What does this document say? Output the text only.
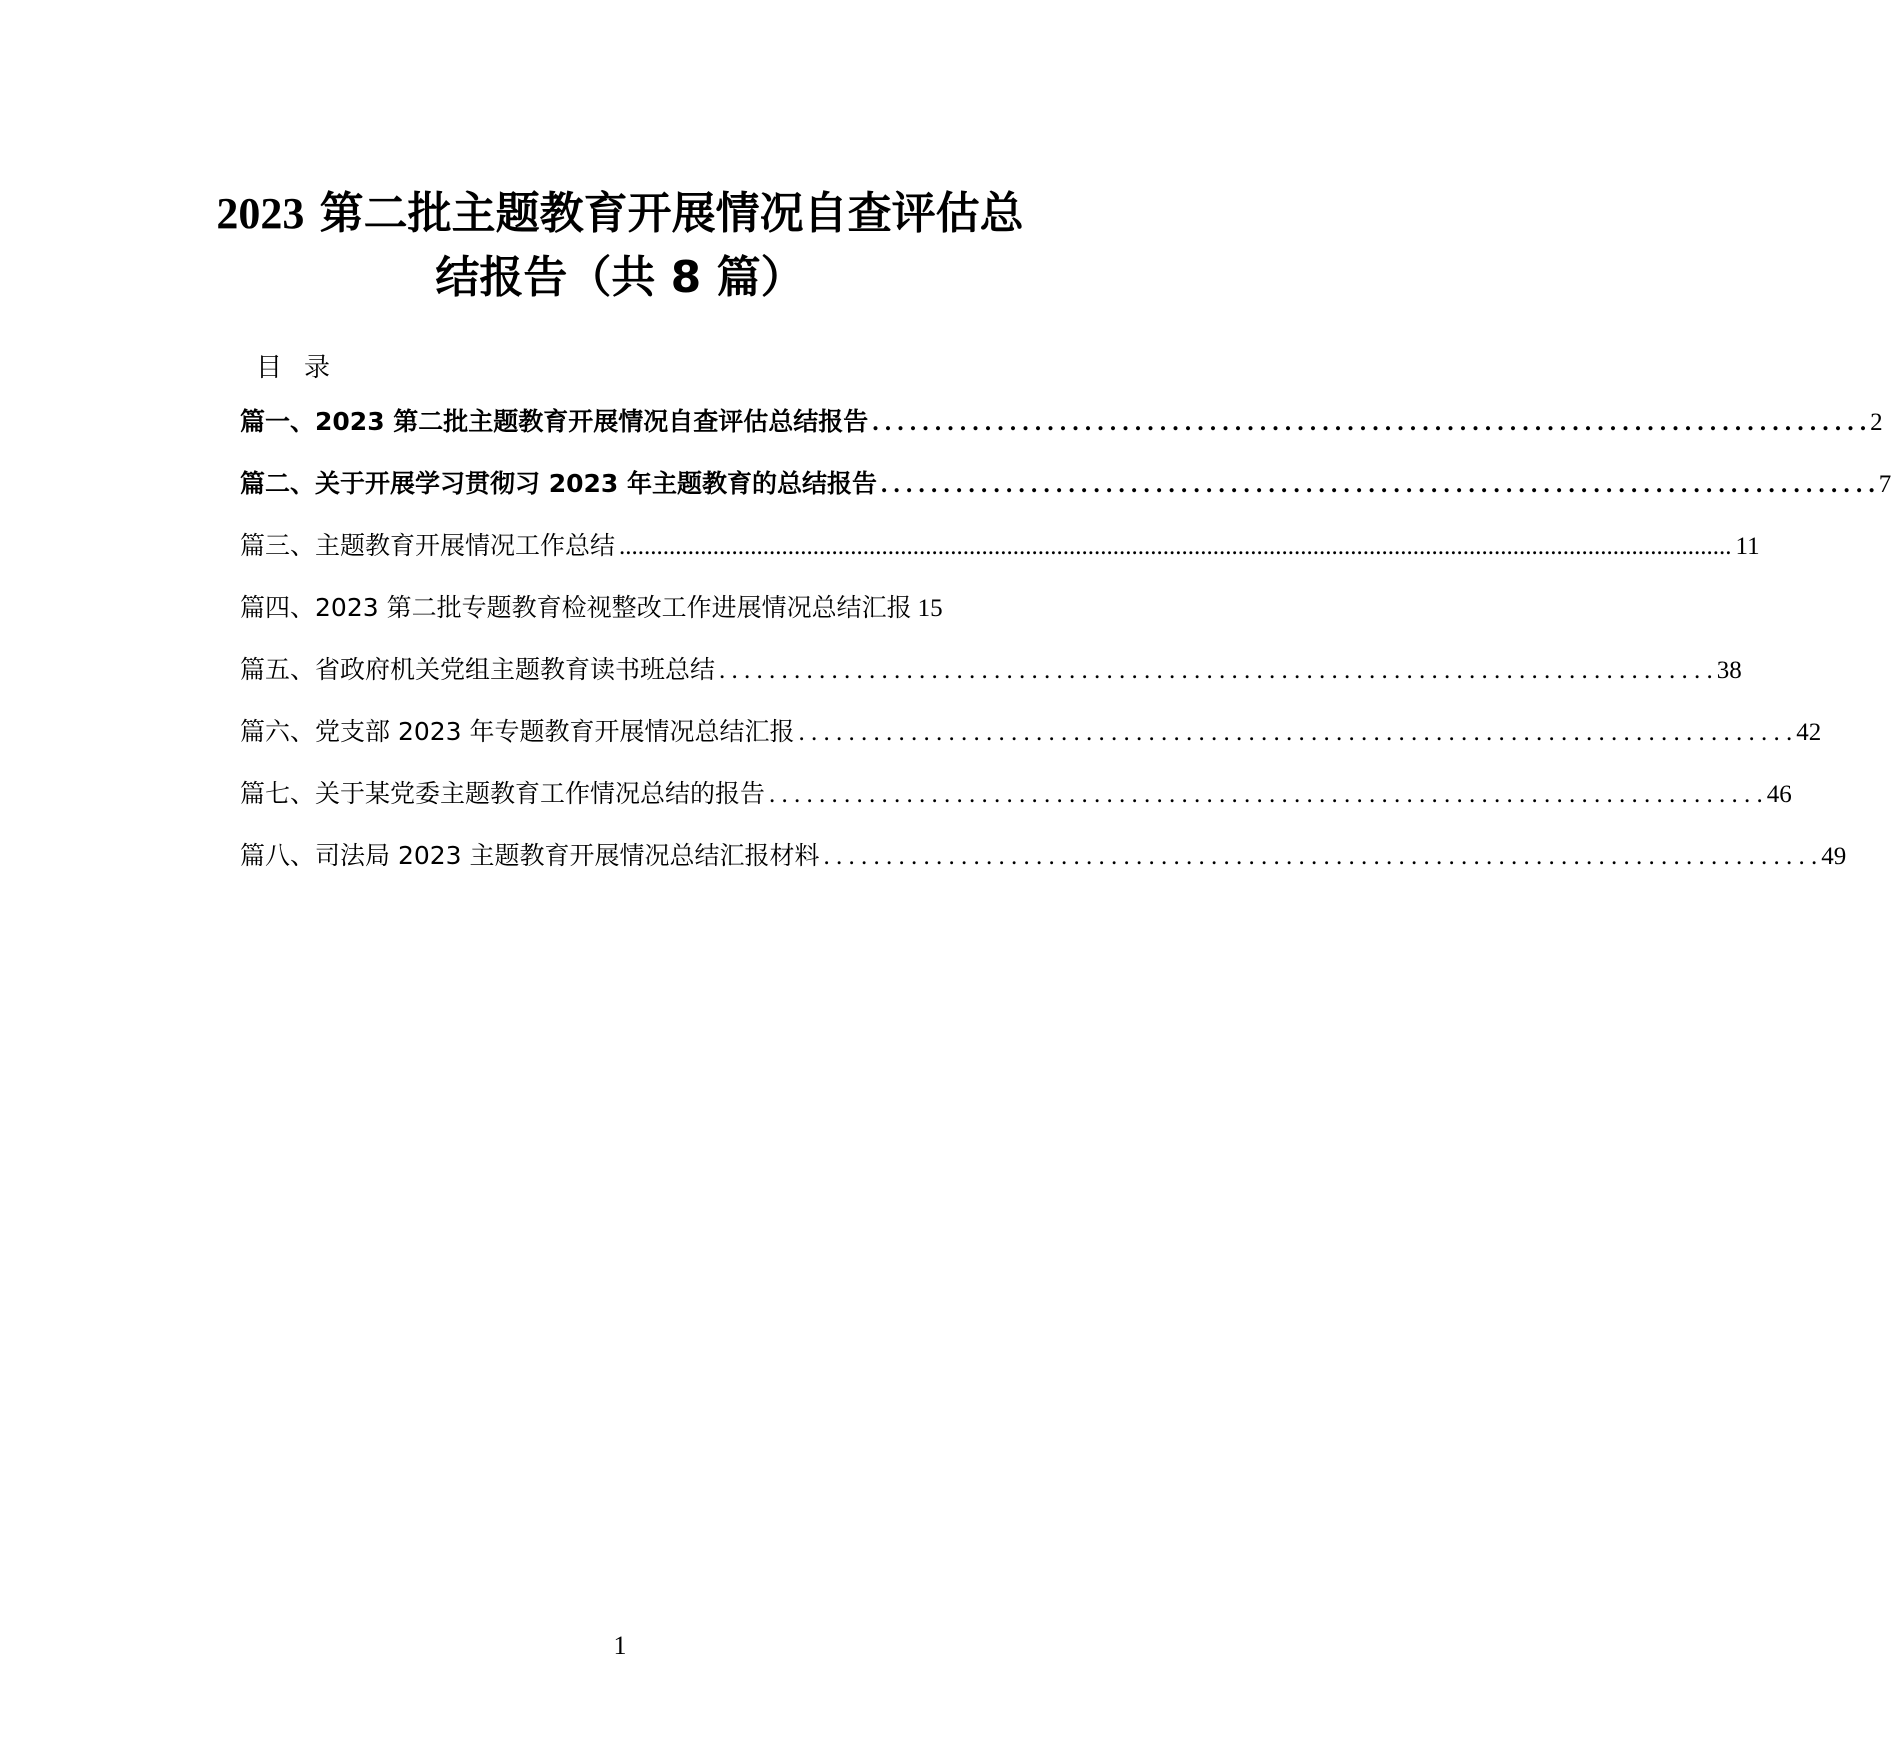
2023 第二批主题教育开展情况自查评估总
结报告（共 8 篇）
目录
篇一、 2023 第二批主题教育开展情况自查评估总结报告 . . .	2
篇二、 关于开展学习贯彻习 2023 年主题教育的总结报告 . . .	7
篇三、 主题教育开展情况工作总结 .....	11
篇四、 2023 第二批专题教育检视整改工作进展情况总结汇报 15
篇五、 省政府机关党组主题教育读书班总结 . . .	38
篇六、 党支部 2023 年专题教育开展情况总结汇报 . . .	42
篇七、 关于某党委主题教育工作情况总结的报告 . . .	46
篇八、 司法局 2023 主题教育开展情况总结汇报材料 . . .	49
1
